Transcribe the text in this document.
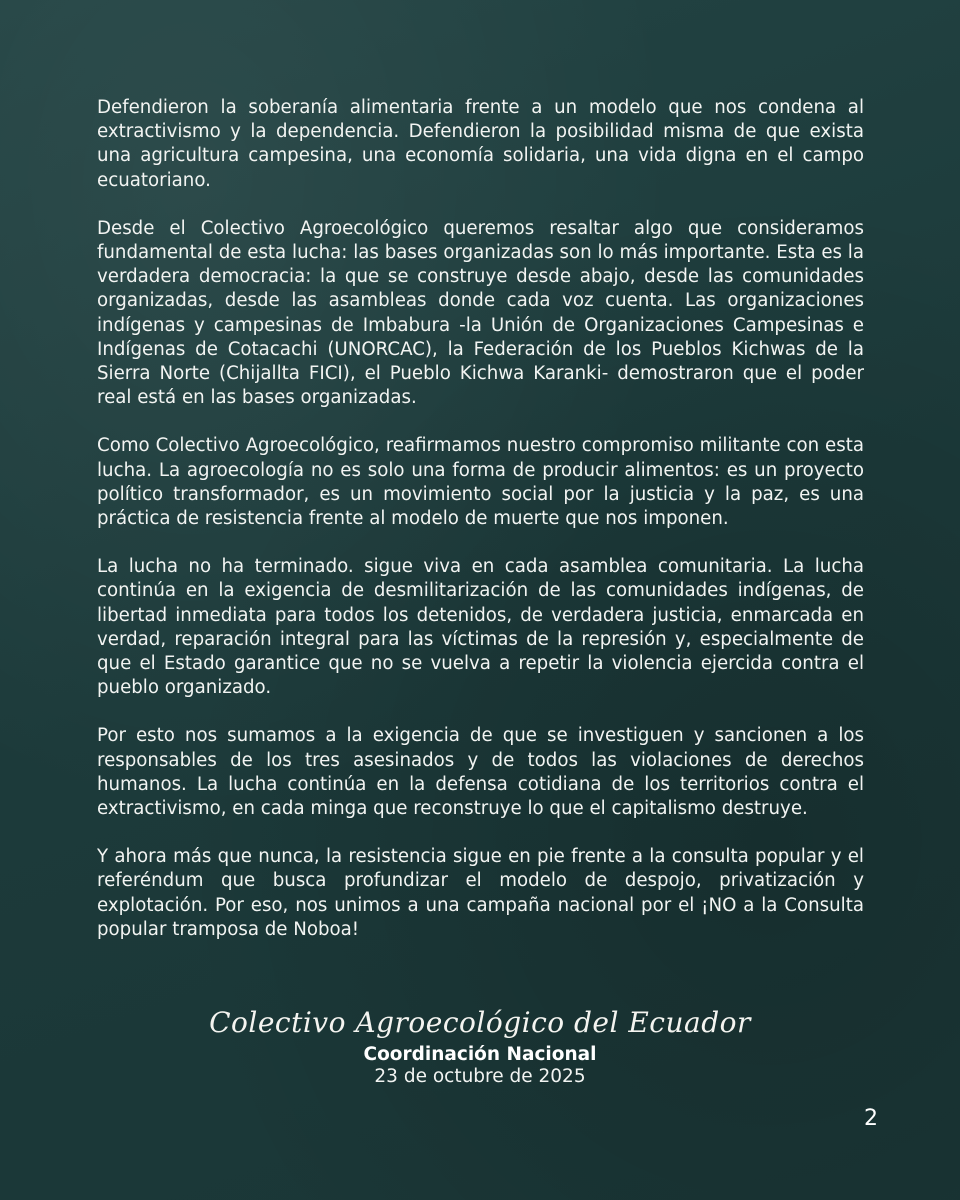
Defendieron la soberanía alimentaria frente a un modelo que nos condena al extractivismo y la dependencia. Defendieron la posibilidad misma de que exista una agricultura campesina, una economía solidaria, una vida digna en el campo ecuatoriano.

Desde el Colectivo Agroecológico queremos resaltar algo que consideramos fundamental de esta lucha: las bases organizadas son lo más importante. Esta es la verdadera democracia: la que se construye desde abajo, desde las comunidades organizadas, desde las asambleas donde cada voz cuenta. Las organizaciones indígenas y campesinas de Imbabura -la Unión de Organizaciones Campesinas e Indígenas de Cotacachi (UNORCAC), la Federación de los Pueblos Kichwas de la Sierra Norte (Chijallta FICI), el Pueblo Kichwa Karanki- demostraron que el poder real está en las bases organizadas.

Como Colectivo Agroecológico, reafirmamos nuestro compromiso militante con esta lucha. La agroecología no es solo una forma de producir alimentos: es un proyecto político transformador, es un movimiento social por la justicia y la paz, es una práctica de resistencia frente al modelo de muerte que nos imponen.

La lucha no ha terminado. sigue viva en cada asamblea comunitaria. La lucha continúa en la exigencia de desmilitarización de las comunidades indígenas, de libertad inmediata para todos los detenidos, de verdadera justicia, enmarcada en verdad, reparación integral para las víctimas de la represión y, especialmente de que el Estado garantice que no se vuelva a repetir la violencia ejercida contra el pueblo organizado.

Por esto nos sumamos a la exigencia de que se investiguen y sancionen a los responsables de los tres asesinados y de todos las violaciones de derechos humanos. La lucha continúa en la defensa cotidiana de los territorios contra el extractivismo, en cada minga que reconstruye lo que el capitalismo destruye.

Y ahora más que nunca, la resistencia sigue en pie frente a la consulta popular y el referéndum que busca profundizar el modelo de despojo, privatización y explotación. Por eso, nos unimos a una campaña nacional por el ¡NO a la Consulta popular tramposa de Noboa!

Colectivo Agroecológico del Ecuador
Coordinación Nacional
23 de octubre de 2025
2
